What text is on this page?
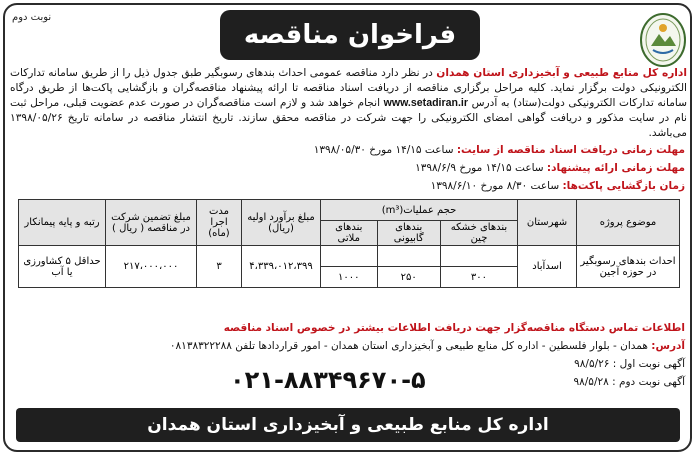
نوبت دوم
فراخوان مناقصه
اداره کل منابع طبیعی و آبخیزداری استان همدان در نظر دارد مناقصه عمومی احداث بندهای رسوبگیر طبق جدول ذیل را از طریق سامانه تدارکات الکترونیکی دولت برگزار نماید. کلیه مراحل برگزاری مناقصه از دریافت اسناد مناقصه تا ارائه پیشنهاد مناقصه‌گران و بازگشایی پاکت‌ها از طریق درگاه سامانه تدارکات الکترونیکی دولت(ستاد) به آدرس www.setadiran.ir انجام خواهد شد و لازم است مناقصه‌گران در صورت عدم عضویت قبلی، مراحل ثبت نام در سایت مذکور و دریافت گواهی امضای الکترونیکی را جهت شرکت در مناقصه محقق سازند. تاریخ انتشار مناقصه در سامانه تاریخ ۱۳۹۸/۰۵/۲۶ می‌باشد.
مهلت زمانی دریافت اسناد مناقصه از سایت: ساعت ۱۴/۱۵ مورخ ۱۳۹۸/۰۵/۳۰
مهلت زمانی ارائه پیشنهاد: ساعت ۱۴/۱۵ مورخ ۱۳۹۸/۶/۹
زمان بازگشایی پاکت‌ها: ساعت ۸/۳۰ مورخ ۱۳۹۸/۶/۱۰
موضوع پروژه	شهرستان	حجم عملیات(m³)			مبلغ برآورد اولیه (ریال)	مدت اجرا (ماه)	مبلغ تضمین شرکت در مناقصه ( ریال )	رتبه و پایه پیمانکار
		بندهای خشکه چین	بندهای گابیونی	بندهای ملاتی				
احداث بندهای رسوبگیر در حوزه آجین	اسدآباد				۴،۳۳۹،۰۱۲،۳۹۹	۳	۲۱۷،۰۰۰،۰۰۰	حداقل ۵ کشاورزی یا آب
		۳۰۰	۲۵۰	۱۰۰۰				
اطلاعات تماس دستگاه مناقصه‌گزار جهت دریافت اطلاعات بیشتر در خصوص اسناد مناقصه
آدرس: همدان - بلوار فلسطین - اداره کل منابع طبیعی و آبخیزداری استان همدان - امور قراردادها تلفن ۰۸۱۳۸۳۲۲۲۸۸
۰۲۱-۸۸۳۴۹۶۷۰-۵
آگهی نوبت اول : ۹۸/۵/۲۶
آگهی نوبت دوم : ۹۸/۵/۲۸
اداره کل منابع طبیعی و آبخیزداری استان همدان
